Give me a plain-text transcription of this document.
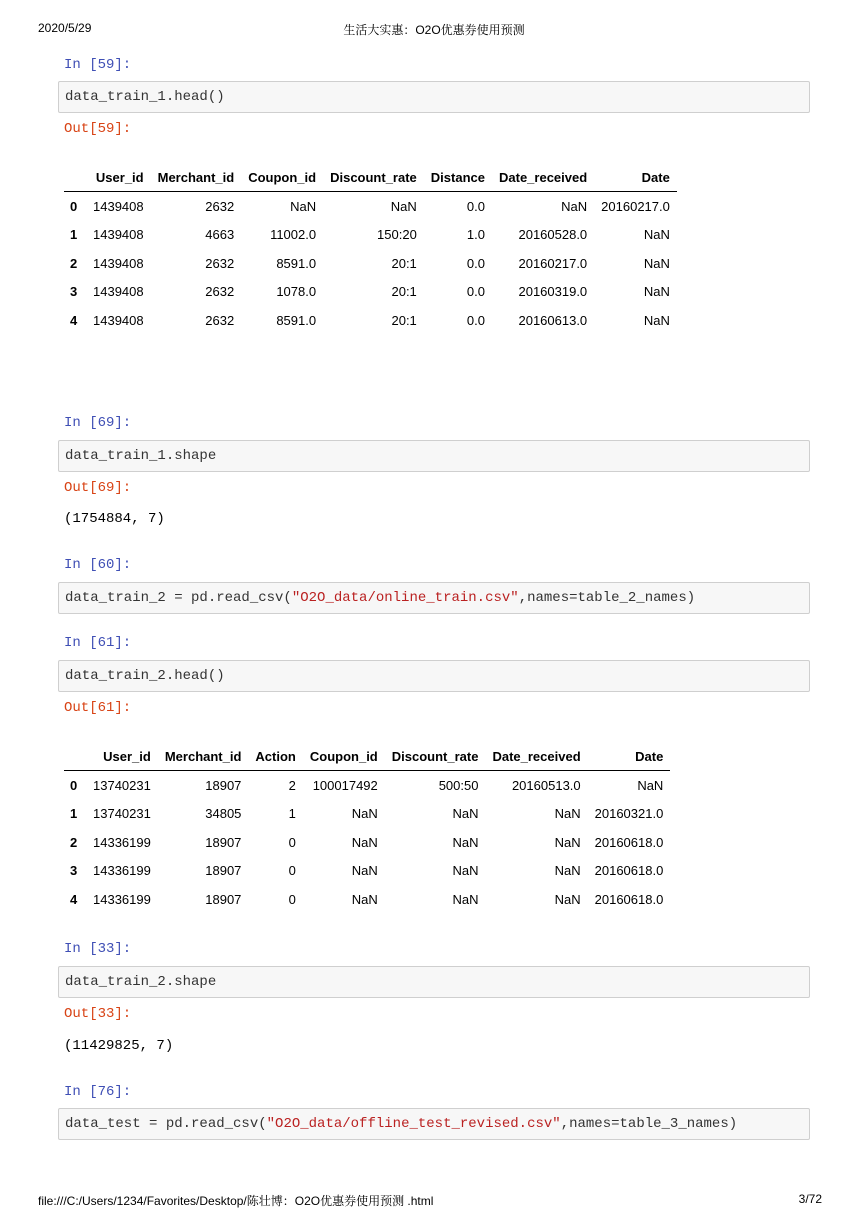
2020/5/29	生活大实惠：O2O优惠券使用预测
In [59]:
data_train_1.head()
Out[59]:
	User_id	Merchant_id	Coupon_id	Discount_rate	Distance	Date_received	Date
0	1439408	2632	NaN	NaN	0.0	NaN	20160217.0
1	1439408	4663	11002.0	150:20	1.0	20160528.0	NaN
2	1439408	2632	8591.0	20:1	0.0	20160217.0	NaN
3	1439408	2632	1078.0	20:1	0.0	20160319.0	NaN
4	1439408	2632	8591.0	20:1	0.0	20160613.0	NaN
In [69]:
data_train_1.shape
Out[69]:
(1754884, 7)
In [60]:
data_train_2 = pd.read_csv("O2O_data/online_train.csv",names=table_2_names)
In [61]:
data_train_2.head()
Out[61]:
	User_id	Merchant_id	Action	Coupon_id	Discount_rate	Date_received	Date
0	13740231	18907	2	100017492	500:50	20160513.0	NaN
1	13740231	34805	1	NaN	NaN	NaN	20160321.0
2	14336199	18907	0	NaN	NaN	NaN	20160618.0
3	14336199	18907	0	NaN	NaN	NaN	20160618.0
4	14336199	18907	0	NaN	NaN	NaN	20160618.0
In [33]:
data_train_2.shape
Out[33]:
(11429825, 7)
In [76]:
data_test = pd.read_csv("O2O_data/offline_test_revised.csv",names=table_3_names)
file:///C:/Users/1234/Favorites/Desktop/陈壮博：O2O优惠券使用预测 .html	3/72
